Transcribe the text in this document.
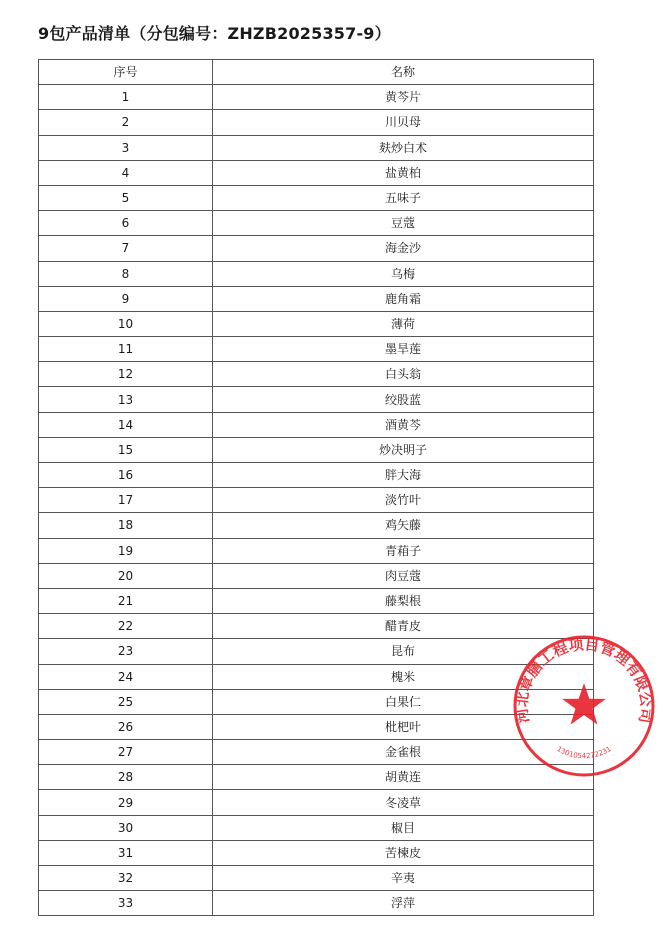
9包产品清单（分包编号：ZHZB2025357-9）
序号	名称
1	黄芩片
2	川贝母
3	麸炒白术
4	盐黄柏
5	五味子
6	豆蔻
7	海金沙
8	乌梅
9	鹿角霜
10	薄荷
11	墨旱莲
12	白头翁
13	绞股蓝
14	酒黄芩
15	炒决明子
16	胖大海
17	淡竹叶
18	鸡矢藤
19	青葙子
20	肉豆蔻
21	藤梨根
22	醋青皮
23	昆布
24	槐米
25	白果仁
26	枇杷叶
27	金雀根
28	胡黄连
29	冬凌草
30	椒目
31	苦楝皮
32	辛夷
33	浮萍
河北章膳工程项目管理有限公司
1301054272231
